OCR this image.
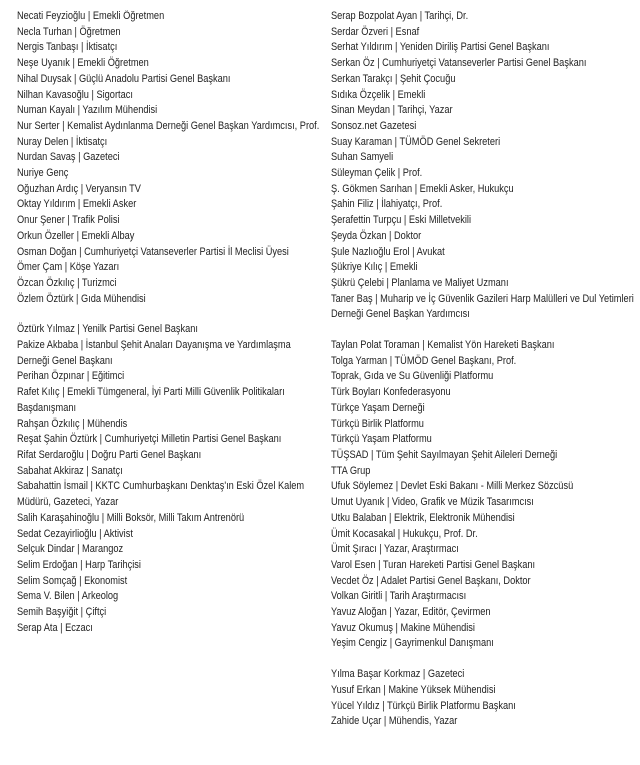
Necati Feyzioğlu | Emekli Öğretmen
Necla Turhan | Öğretmen
Nergis Tanbaşı | İktisatçı
Neşe Uyanık | Emekli Öğretmen
Nihal Duysak | Güçlü Anadolu Partisi Genel Başkanı
Nilhan Kavasoğlu | Sigortacı
Numan Kayalı | Yazılım Mühendisi
Nur Serter | Kemalist Aydınlanma Derneği Genel Başkan Yardımcısı, Prof.
Nuray Delen | İktisatçı
Nurdan Savaş | Gazeteci
Nuriye Genç
Oğuzhan Ardıç | Veryansın TV
Oktay Yıldırım | Emekli Asker
Onur Şener | Trafik Polisi
Orkun Özeller | Emekli Albay
Osman Doğan | Cumhuriyetçi Vatanseverler Partisi İl Meclisi Üyesi
Ömer Çam | Köşe Yazarı
Özcan Özkılıç | Turizmci
Özlem Öztürk | Gıda Mühendisi
Öztürk Yılmaz | Yenilk Partisi Genel Başkanı
Pakize Akbaba | İstanbul Şehit Anaları Dayanışma ve Yardımlaşma Derneği Genel Başkanı
Perihan Özpınar | Eğitimci
Rafet Kılıç | Emekli Tümgeneral, İyi Parti Milli Güvenlik Politikaları Başdanışmanı
Rahşan Özkılıç | Mühendis
Reşat Şahin Öztürk | Cumhuriyetçi Milletin Partisi Genel Başkanı
Rifat Serdaroğlu | Doğru Parti Genel Başkanı
Sabahat Akkiraz | Sanatçı
Sabahattin İsmail | KKTC Cumhurbaşkanı Denktaş'ın Eski Özel Kalem Müdürü, Gazeteci, Yazar
Salih Karaşahinoğlu | Milli Boksör, Milli Takım Antrenörü
Sedat Cezayirlioğlu | Aktivist
Selçuk Dindar | Marangoz
Selim Erdoğan | Harp Tarihçisi
Selim Somçağ | Ekonomist
Sema V. Bilen | Arkeolog
Semih Başyiğit | Çiftçi
Serap Ata | Eczacı
Serap Bozpolat Ayan | Tarihçi, Dr.
Serdar Özveri | Esnaf
Serhat Yıldırım | Yeniden Diriliş Partisi Genel Başkanı
Serkan Öz | Cumhuriyetçi Vatanseverler Partisi Genel Başkanı
Serkan Tarakçı | Şehit Çocuğu
Sıdıka Özçelik | Emekli
Sinan Meydan | Tarihçi, Yazar
Sonsoz.net Gazetesi
Suay Karaman | TÜMÖD Genel Sekreteri
Suhan Samyeli
Süleyman Çelik | Prof.
Ş. Gökmen Sarıhan | Emekli Asker, Hukukçu
Şahin Filiz | İlahiyatçı, Prof.
Şerafettin Turpçu | Eski Milletvekili
Şeyda Özkan | Doktor
Şule Nazlıoğlu Erol | Avukat
Şükriye Kılıç | Emekli
Şükrü Çelebi | Planlama ve Maliyet Uzmanı
Taner Baş | Muharip ve İç Güvenlik Gazileri Harp Malülleri ve Dul Yetimleri Derneği Genel Başkan Yardımcısı
Taylan Polat Toraman | Kemalist Yön Hareketi Başkanı
Tolga Yarman | TÜMÖD Genel Başkanı, Prof.
Toprak, Gıda ve Su Güvenliği Platformu
Türk Boyları Konfederasyonu
Türkçe Yaşam Derneği
Türkçü Birlik Platformu
Türkçü Yaşam Platformu
TÜŞSAD | Tüm Şehit Sayılmayan Şehit Aileleri Derneği
TTA Grup
Ufuk Söylemez | Devlet Eski Bakanı - Milli Merkez Sözcüsü
Umut Uyanık | Video, Grafik ve Müzik Tasarımcısı
Utku Balaban | Elektrik, Elektronik Mühendisi
Ümit Kocasakal | Hukukçu, Prof. Dr.
Ümit Şıracı | Yazar, Araştırmacı
Varol Esen | Turan Hareketi Partisi Genel Başkanı
Vecdet Öz | Adalet Partisi Genel Başkanı, Doktor
Volkan Giritli | Tarih Araştırmacısı
Yavuz Aloğan | Yazar, Editör, Çevirmen
Yavuz Okumuş | Makine Mühendisi
Yeşim Cengiz | Gayrimenkul Danışmanı
Yılma Başar Korkmaz | Gazeteci
Yusuf Erkan | Makine Yüksek Mühendisi
Yücel Yıldız | Türkçü Birlik Platformu Başkanı
Zahide Uçar | Mühendis, Yazar
